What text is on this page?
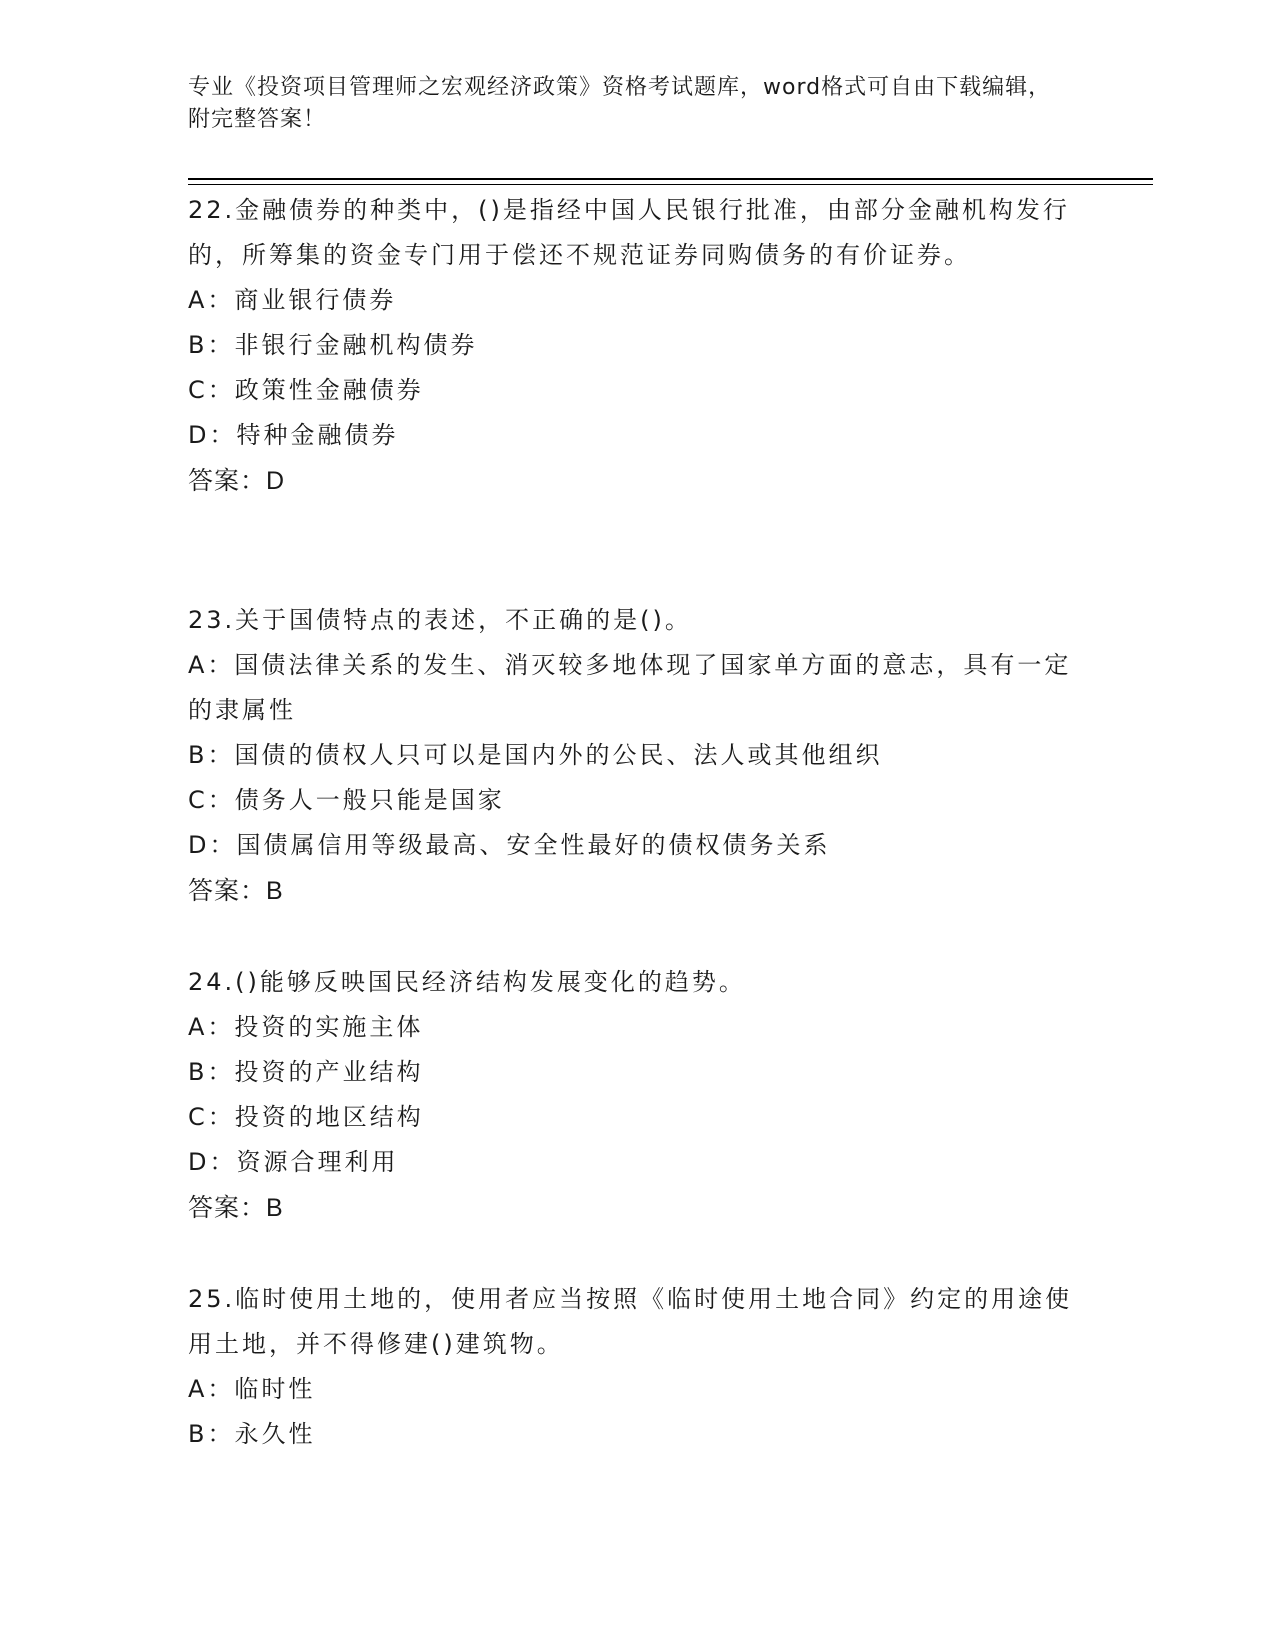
专业《投资项目管理师之宏观经济政策》资格考试题库，word格式可自由下载编辑，附完整答案！

22.金融债券的种类中，()是指经中国人民银行批准，由部分金融机构发行的，所筹集的资金专门用于偿还不规范证券同购债务的有价证券。

A：商业银行债券

B：非银行金融机构债券

C：政策性金融债券

D：特种金融债券

答案：D

23.关于国债特点的表述，不正确的是()。

A：国债法律关系的发生、消灭较多地体现了国家单方面的意志，具有一定的隶属性

B：国债的债权人只可以是国内外的公民、法人或其他组织

C：债务人一般只能是国家

D：国债属信用等级最高、安全性最好的债权债务关系

答案：B

24.()能够反映国民经济结构发展变化的趋势。

A：投资的实施主体

B：投资的产业结构

C：投资的地区结构

D：资源合理利用

答案：B

25.临时使用土地的，使用者应当按照《临时使用土地合同》约定的用途使用土地，并不得修建()建筑物。

A：临时性

B：永久性
